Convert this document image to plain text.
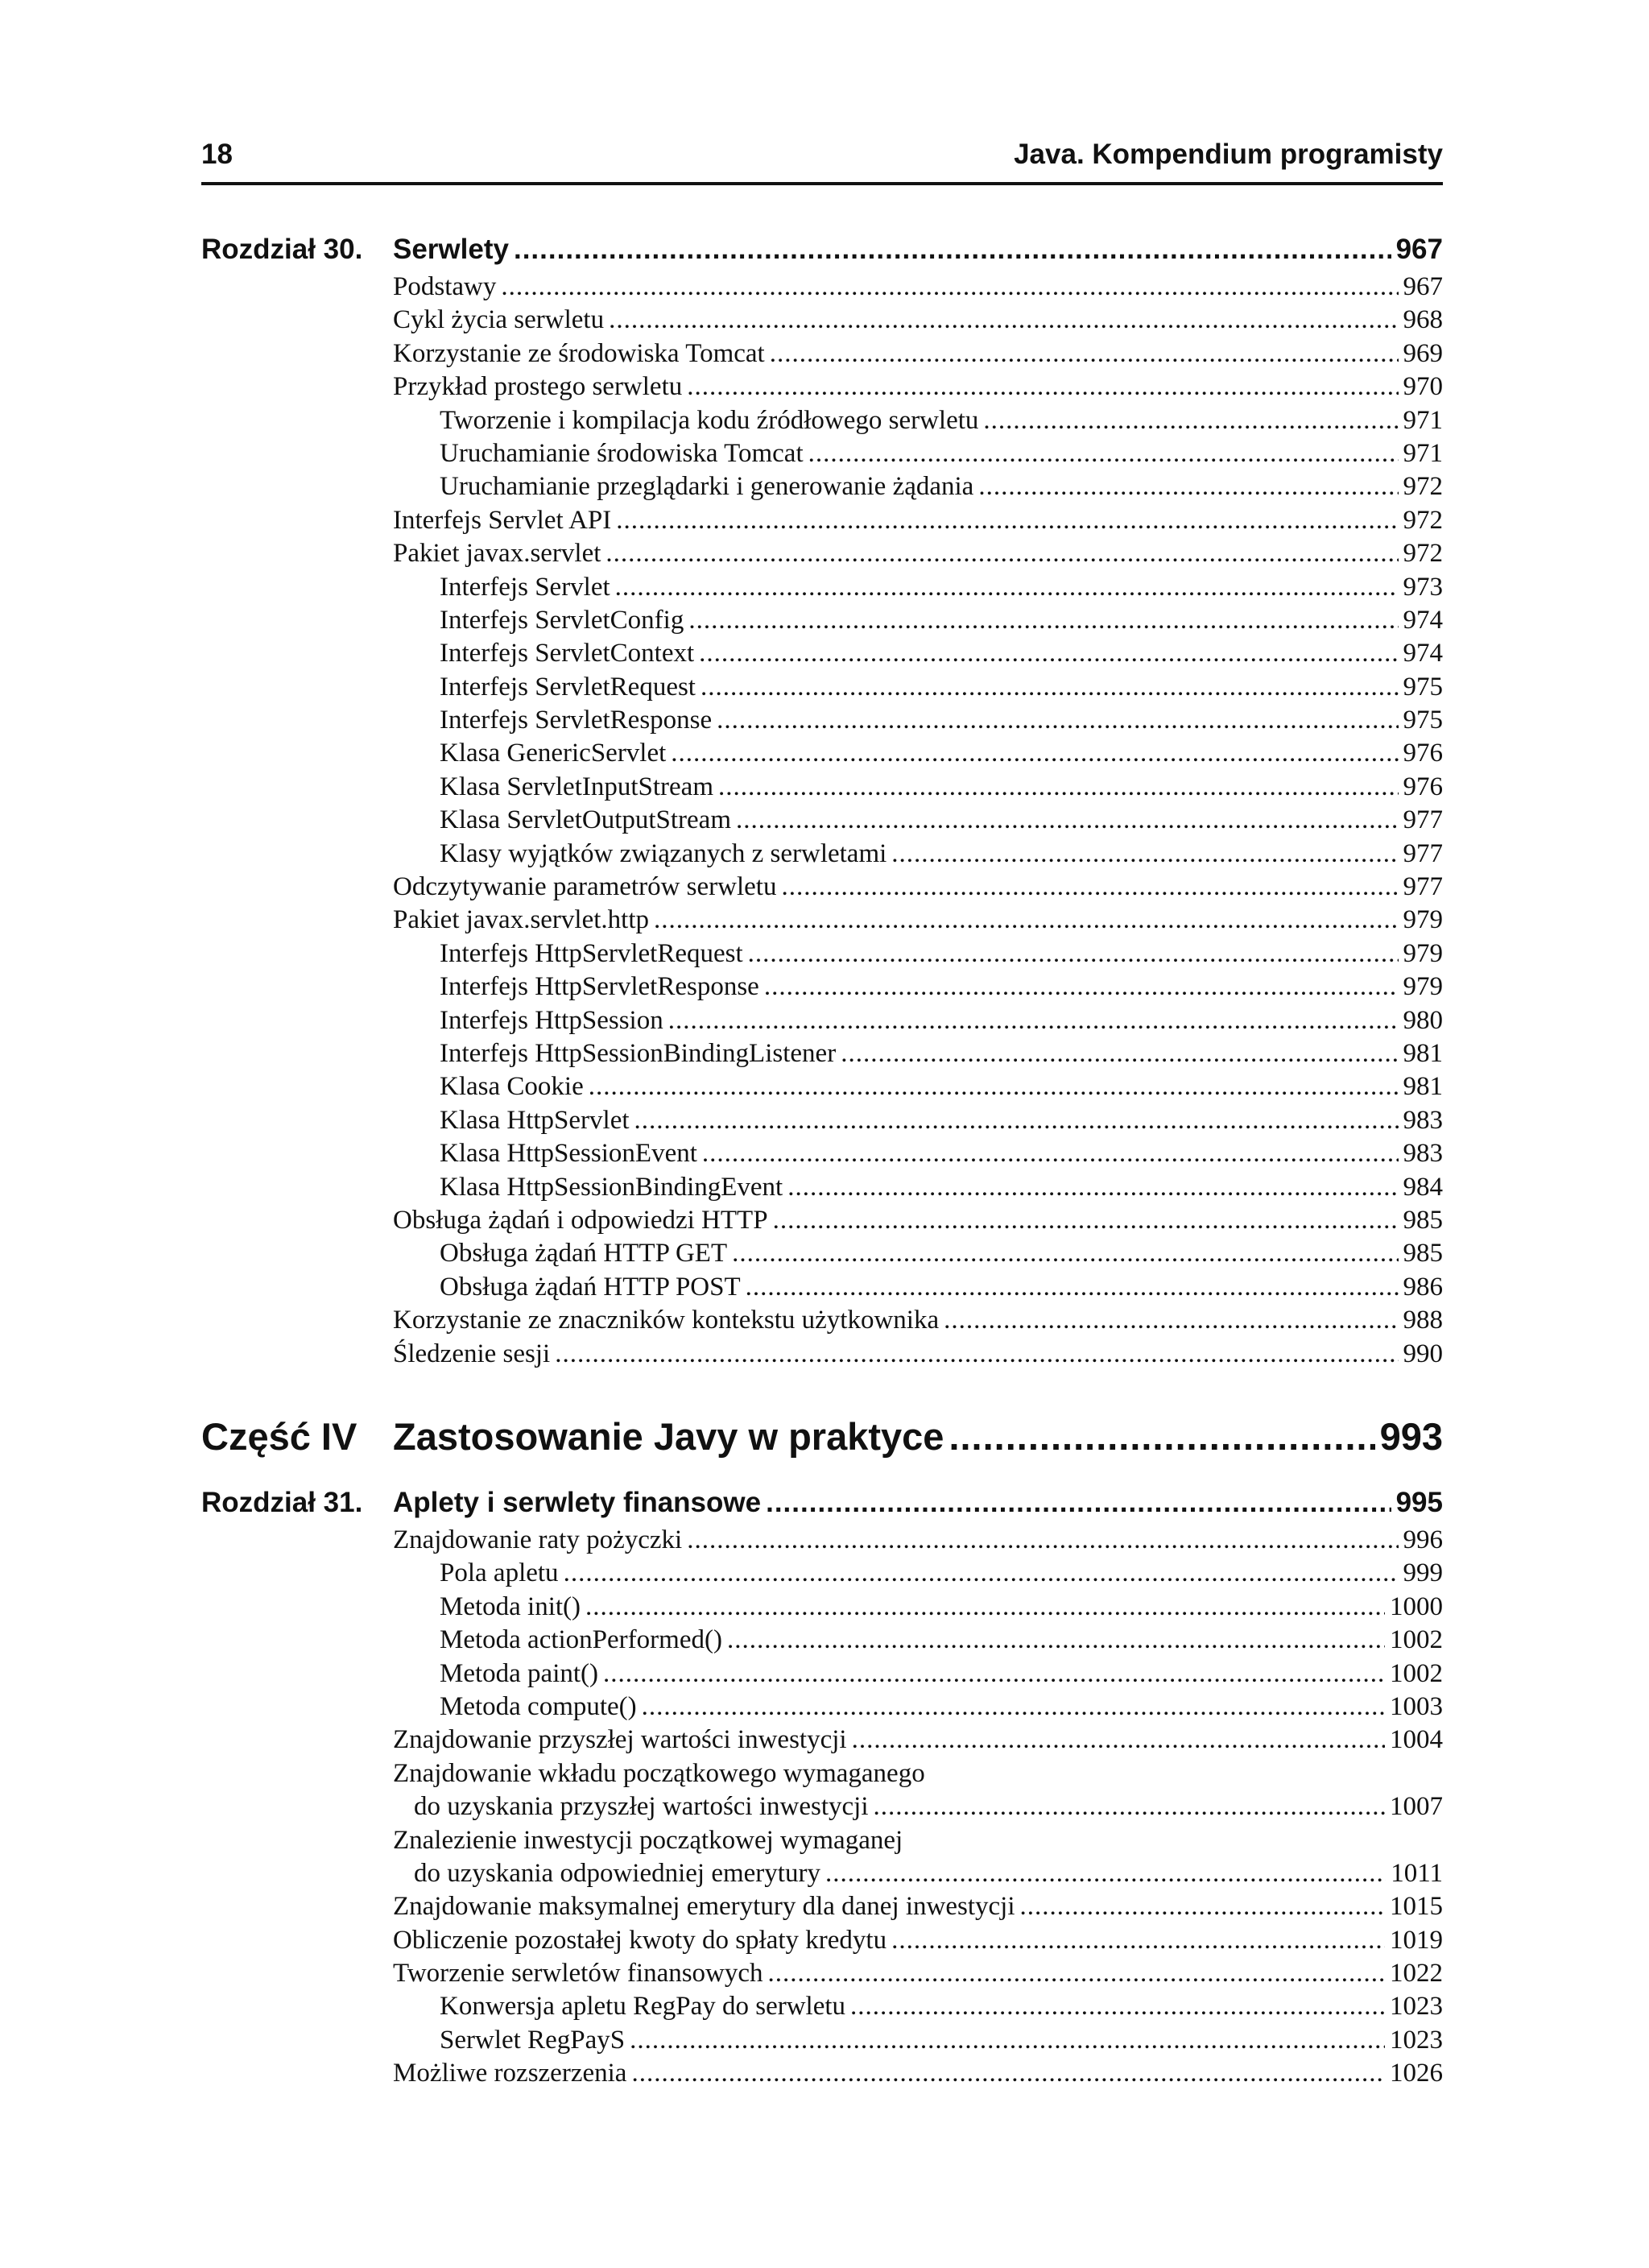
18	Java. Kompendium programisty
Rozdział 30. Serwlety .....	967
Podstawy .....	967
Cykl życia serwletu .....	968
Korzystanie ze środowiska Tomcat .....	969
Przykład prostego serwletu .....	970
Tworzenie i kompilacja kodu źródłowego serwletu .....	971
Uruchamianie środowiska Tomcat .....	971
Uruchamianie przeglądarki i generowanie żądania .....	972
Interfejs Servlet API .....	972
Pakiet javax.servlet .....	972
Interfejs Servlet .....	973
Interfejs ServletConfig .....	974
Interfejs ServletContext .....	974
Interfejs ServletRequest .....	975
Interfejs ServletResponse .....	975
Klasa GenericServlet .....	976
Klasa ServletInputStream .....	976
Klasa ServletOutputStream .....	977
Klasy wyjątków związanych z serwletami .....	977
Odczytywanie parametrów serwletu .....	977
Pakiet javax.servlet.http .....	979
Interfejs HttpServletRequest .....	979
Interfejs HttpServletResponse .....	979
Interfejs HttpSession .....	980
Interfejs HttpSessionBindingListener .....	981
Klasa Cookie .....	981
Klasa HttpServlet .....	983
Klasa HttpSessionEvent .....	983
Klasa HttpSessionBindingEvent .....	984
Obsługa żądań i odpowiedzi HTTP .....	985
Obsługa żądań HTTP GET .....	985
Obsługa żądań HTTP POST .....	986
Korzystanie ze znaczników kontekstu użytkownika .....	988
Śledzenie sesji .....	990
Część IV Zastosowanie Javy w praktyce .....	993
Rozdział 31. Aplety i serwlety finansowe .....	995
Znajdowanie raty pożyczki .....	996
Pola apletu .....	999
Metoda init() .....	1000
Metoda actionPerformed() .....	1002
Metoda paint() .....	1002
Metoda compute() .....	1003
Znajdowanie przyszłej wartości inwestycji .....	1004
Znajdowanie wkładu początkowego wymaganego
do uzyskania przyszłej wartości inwestycji .....	1007
Znalezienie inwestycji początkowej wymaganej
do uzyskania odpowiedniej emerytury .....	1011
Znajdowanie maksymalnej emerytury dla danej inwestycji .....	1015
Obliczenie pozostałej kwoty do spłaty kredytu .....	1019
Tworzenie serwletów finansowych .....	1022
Konwersja apletu RegPay do serwletu .....	1023
Serwlet RegPayS .....	1023
Możliwe rozszerzenia .....	1026
